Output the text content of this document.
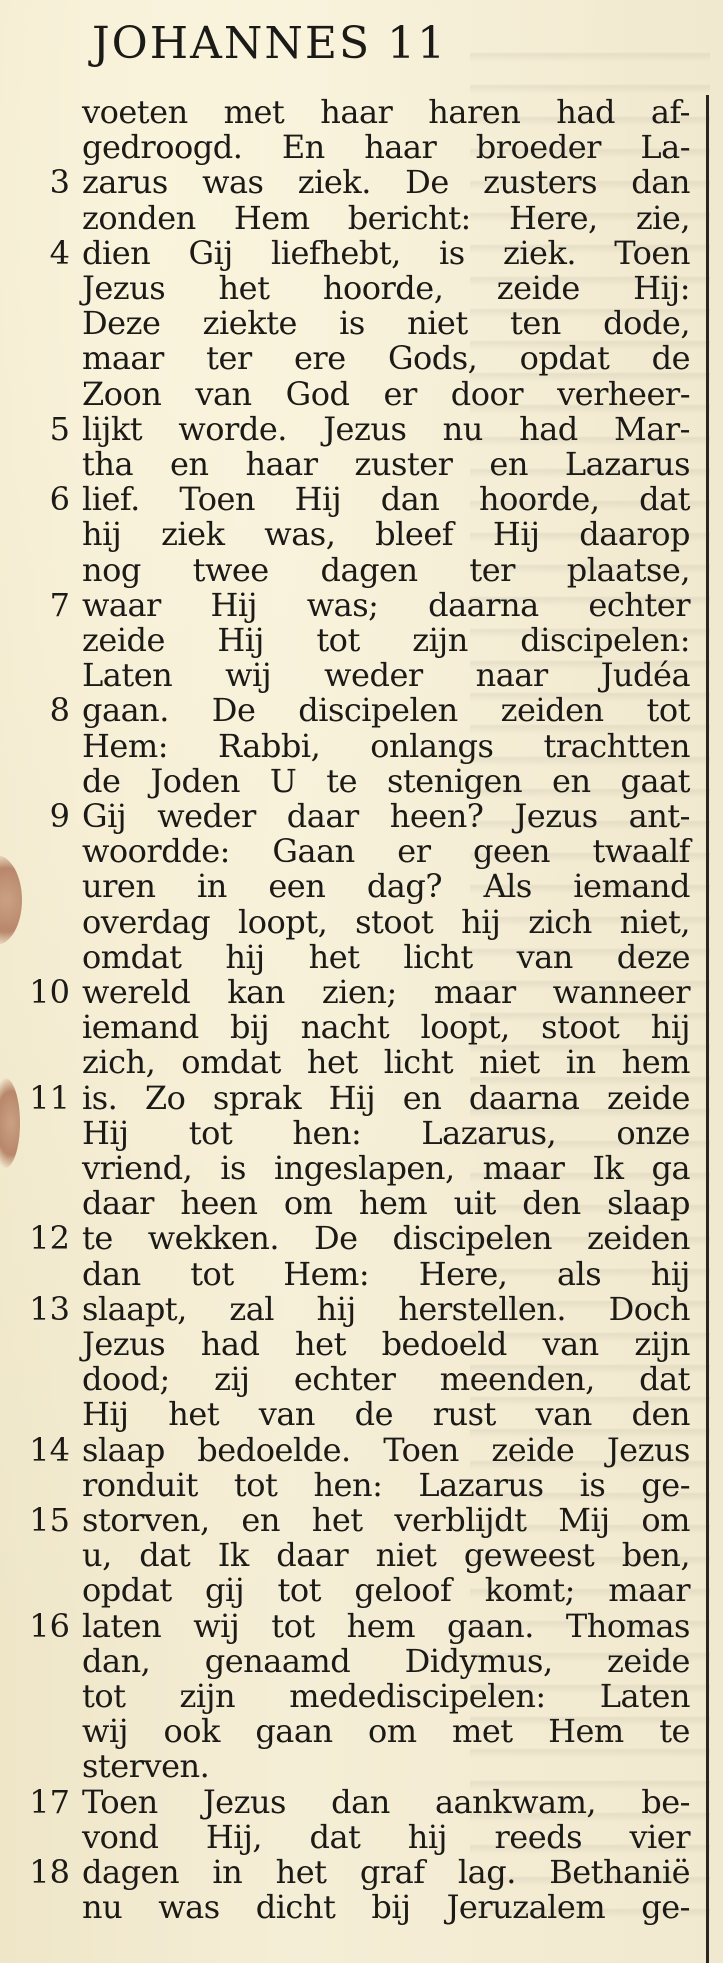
JOHANNES 11
voeten met haar haren had af-
gedroogd. En haar broeder La-
3 zarus was ziek. De zusters dan
zonden Hem bericht: Here, zie,
4 dien Gij liefhebt, is ziek. Toen
Jezus het hoorde, zeide Hij:
Deze ziekte is niet ten dode,
maar ter ere Gods, opdat de
Zoon van God er door verheer-
5 lijkt worde. Jezus nu had Mar-
tha en haar zuster en Lazarus
6 lief. Toen Hij dan hoorde, dat
hij ziek was, bleef Hij daarop
nog twee dagen ter plaatse,
7 waar Hij was; daarna echter
zeide Hij tot zijn discipelen:
Laten wij weder naar Judéa
8 gaan. De discipelen zeiden tot
Hem: Rabbi, onlangs trachtten
de Joden U te stenigen en gaat
9 Gij weder daar heen? Jezus ant-
woordde: Gaan er geen twaalf
uren in een dag? Als iemand
overdag loopt, stoot hij zich niet,
omdat hij het licht van deze
10 wereld kan zien; maar wanneer
iemand bij nacht loopt, stoot hij
zich, omdat het licht niet in hem
11 is. Zo sprak Hij en daarna zeide
Hij tot hen: Lazarus, onze
vriend, is ingeslapen, maar Ik ga
daar heen om hem uit den slaap
12 te wekken. De discipelen zeiden
dan tot Hem: Here, als hij
13 slaapt, zal hij herstellen. Doch
Jezus had het bedoeld van zijn
dood; zij echter meenden, dat
Hij het van de rust van den
14 slaap bedoelde. Toen zeide Jezus
ronduit tot hen: Lazarus is ge-
15 storven, en het verblijdt Mij om
u, dat Ik daar niet geweest ben,
opdat gij tot geloof komt; maar
16 laten wij tot hem gaan. Thomas
dan, genaamd Didymus, zeide
tot zijn medediscipelen: Laten
wij ook gaan om met Hem te
sterven.
17 Toen Jezus dan aankwam, be-
vond Hij, dat hij reeds vier
18 dagen in het graf lag. Bethanië
nu was dicht bij Jeruzalem ge-
